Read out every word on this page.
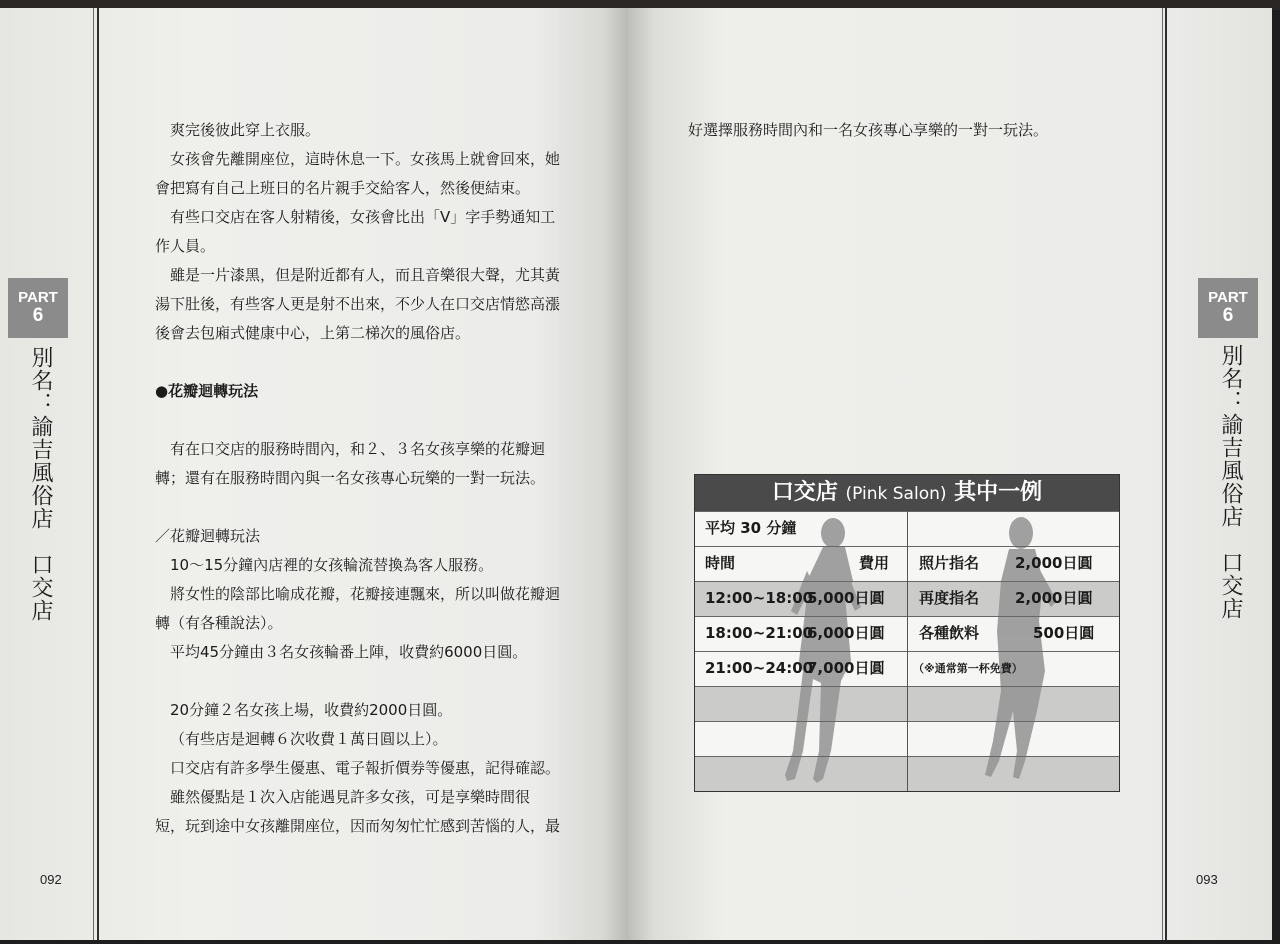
PART
6
別名：諭吉風俗店　口交店
092

爽完後彼此穿上衣服。

女孩會先離開座位，這時休息一下。女孩馬上就會回來，她

會把寫有自己上班日的名片親手交給客人，然後便結束。

有些口交店在客人射精後，女孩會比出「V」字手勢通知工

作人員。

雖是一片漆黑，但是附近都有人，而且音樂很大聲，尤其黃

湯下肚後，有些客人更是射不出來，不少人在口交店情慾高漲

後會去包廂式健康中心，上第二梯次的風俗店。

●花瓣迴轉玩法

有在口交店的服務時間內，和２、３名女孩享樂的花瓣迴

轉；還有在服務時間內與一名女孩專心玩樂的一對一玩法。

／花瓣迴轉玩法

10～15分鐘內店裡的女孩輪流替換為客人服務。

將女性的陰部比喻成花瓣，花瓣接連飄來，所以叫做花瓣迴

轉（有各種說法）。

平均45分鐘由３名女孩輪番上陣，收費約6000日圓。

20分鐘２名女孩上場，收費約2000日圓。

（有些店是迴轉６次收費１萬日圓以上）。

口交店有許多學生優惠、電子報折價券等優惠，記得確認。

雖然優點是１次入店能遇見許多女孩，可是享樂時間很

短，玩到途中女孩離開座位，因而匆匆忙忙感到苦惱的人，最

093

好選擇服務時間內和一名女孩專心享樂的一對一玩法。

PART
6
別名：諭吉風俗店　口交店
口交店 (Pink Salon) 其中一例
平均 30 分鐘
時間	費用
12:00~18:00
5,000日圓
18:00~21:00
6,000日圓
21:00~24:00
7,000日圓
照片指名 2,000日圓
再度指名 2,000日圓
各種飲料	500日圓
（※通常第一杯免費）
